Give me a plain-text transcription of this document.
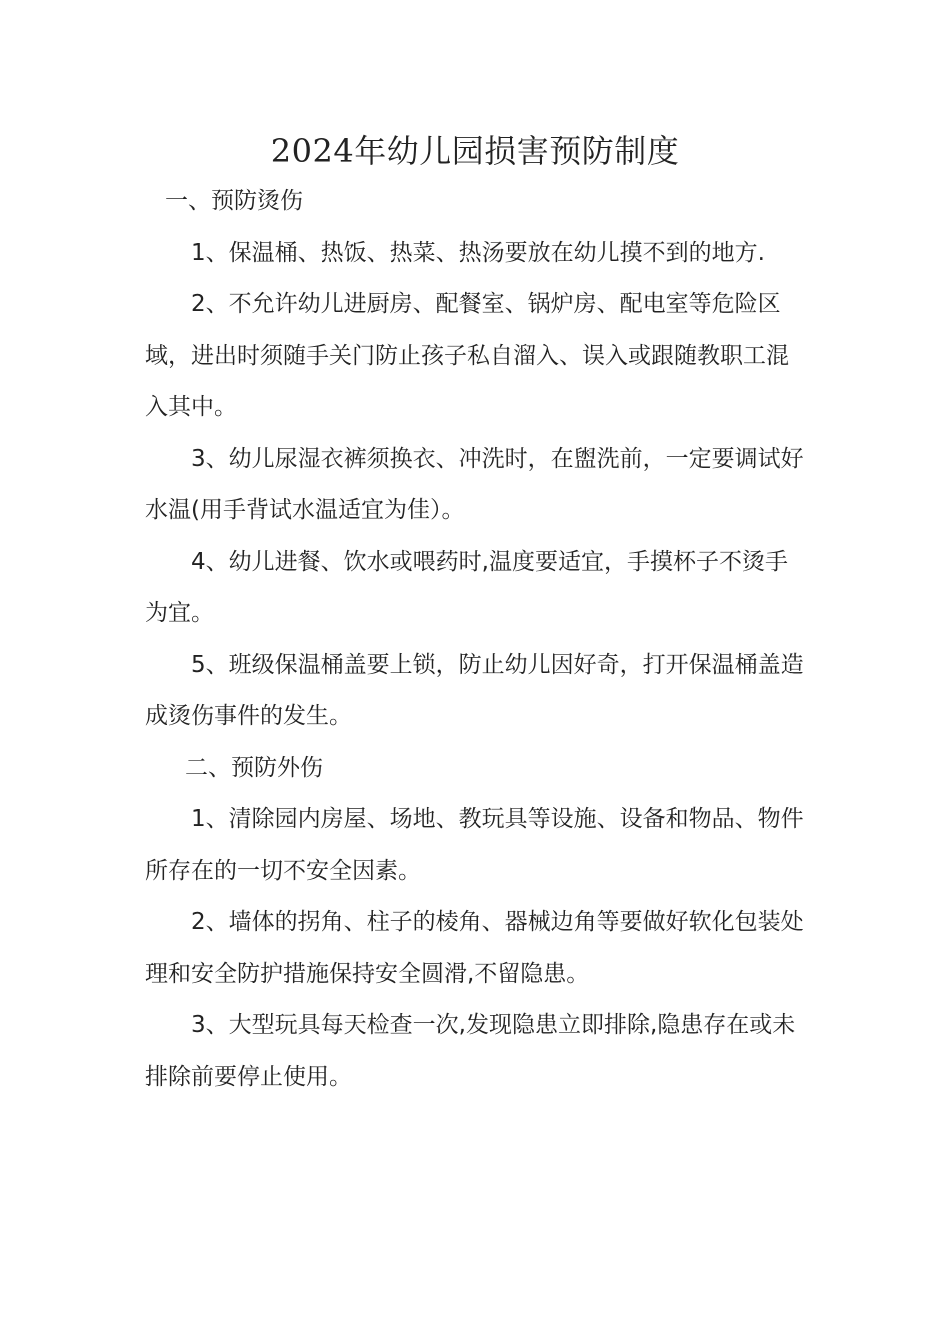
2024年幼儿园损害预防制度

一、预防烫伤

1、保温桶、热饭、热菜、热汤要放在幼儿摸不到的地方.

2、不允许幼儿进厨房、配餐室、锅炉房、配电室等危险区域，进出时须随手关门防止孩子私自溜入、误入或跟随教职工混入其中。

3、幼儿尿湿衣裤须换衣、冲洗时，在盥洗前，一定要调试好水温(用手背试水温适宜为佳）。

4、幼儿进餐、饮水或喂药时,温度要适宜，手摸杯子不烫手为宜。

5、班级保温桶盖要上锁，防止幼儿因好奇，打开保温桶盖造成烫伤事件的发生。

二、预防外伤

1、清除园内房屋、场地、教玩具等设施、设备和物品、物件所存在的一切不安全因素。

2、墙体的拐角、柱子的棱角、器械边角等要做好软化包装处理和安全防护措施保持安全圆滑,不留隐患。

3、大型玩具每天检查一次,发现隐患立即排除,隐患存在或未排除前要停止使用。
